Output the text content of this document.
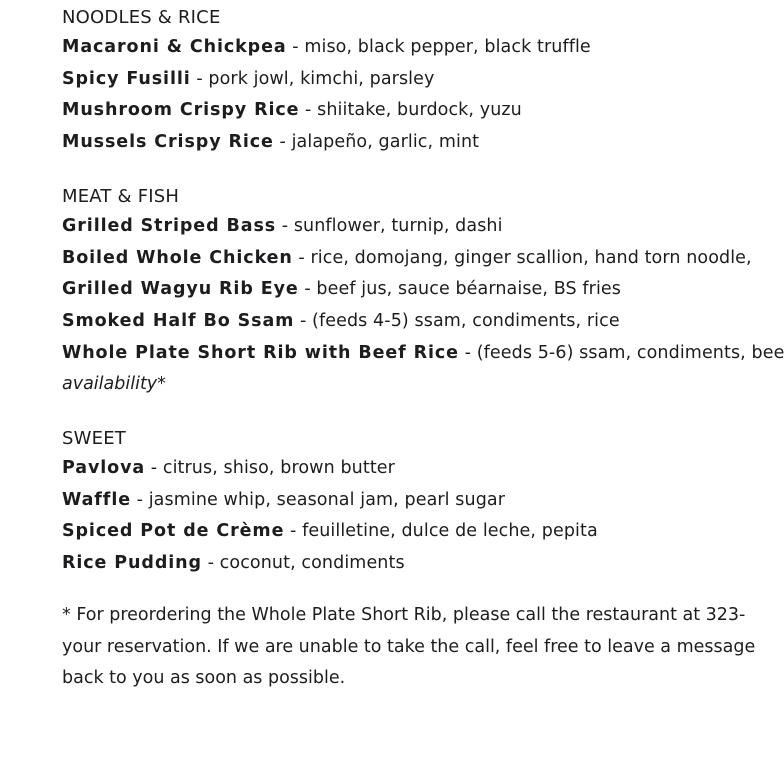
NOODLES & RICE
Macaroni & Chickpea - miso, black pepper, black truffle
Spicy Fusilli - pork jowl, kimchi, parsley
Mushroom Crispy Rice - shiitake, burdock, yuzu
Mussels Crispy Rice - jalapeño, garlic, mint
MEAT & FISH
Grilled Striped Bass - sunflower, turnip, dashi
Boiled Whole Chicken - rice, domojang, ginger scallion, hand torn noodle,
Grilled Wagyu Rib Eye - beef jus, sauce béarnaise, BS fries
Smoked Half Bo Ssam - (feeds 4-5) ssam, condiments, rice
Whole Plate Short Rib with Beef Rice - (feeds 5-6) ssam, condiments, bee
availability*
SWEET
Pavlova - citrus, shiso, brown butter
Waffle - jasmine whip, seasonal jam, pearl sugar
Spiced Pot de Crème - feuilletine, dulce de leche, pepita
Rice Pudding - coconut, condiments
* For preordering the Whole Plate Short Rib, please call the restaurant at 323-
your reservation. If we are unable to take the call, feel free to leave a message
back to you as soon as possible.
